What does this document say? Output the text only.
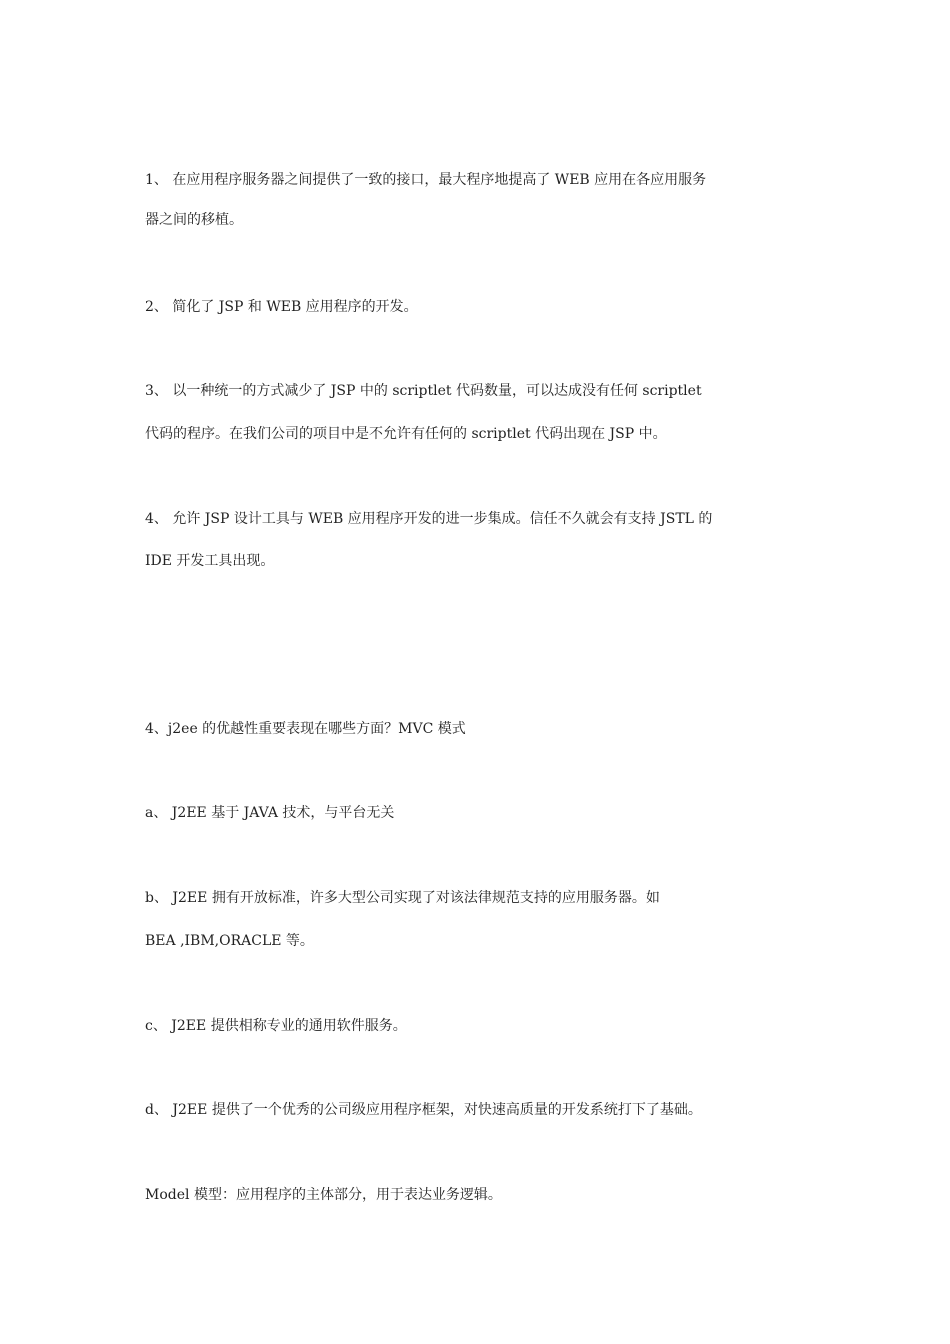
1、 在应用程序服务器之间提供了一致的接口，最大程序地提高了 WEB 应用在各应用服务
器之间的移植。
2、 简化了 JSP 和 WEB 应用程序的开发。
3、 以一种统一的方式减少了 JSP 中的 scriptlet 代码数量，可以达成没有任何 scriptlet
代码的程序。在我们公司的项目中是不允许有任何的 scriptlet 代码出现在 JSP 中。
4、 允许 JSP 设计工具与 WEB 应用程序开发的进一步集成。信任不久就会有支持 JSTL 的
IDE 开发工具出现。
4、j2ee 的优越性重要表现在哪些方面？MVC 模式
a、 J2EE 基于 JAVA 技术，与平台无关
b、 J2EE 拥有开放标准，许多大型公司实现了对该法律规范支持的应用服务器。如
BEA ,IBM,ORACLE 等。
c、 J2EE 提供相称专业的通用软件服务。
d、 J2EE 提供了一个优秀的公司级应用程序框架，对快速高质量的开发系统打下了基础。
Model 模型：应用程序的主体部分，用于表达业务逻辑。
